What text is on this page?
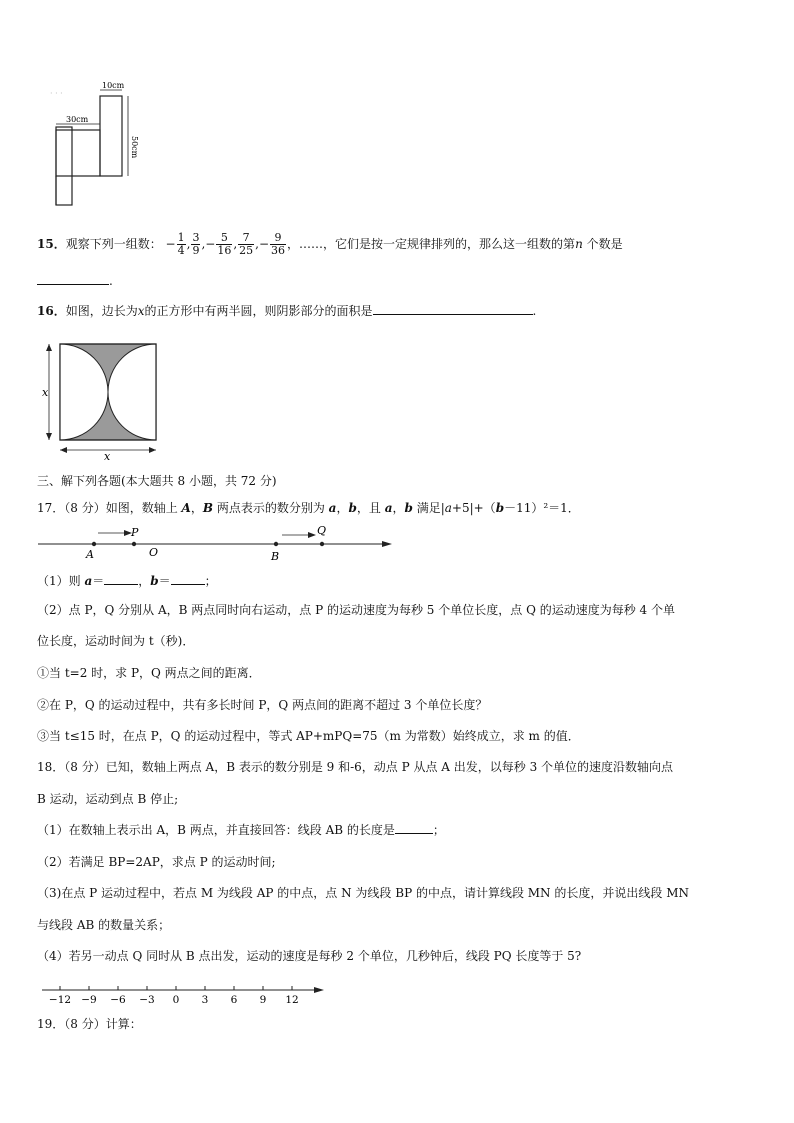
· · ·
10cm
30cm
50cm
15．观察下列一组数： − $\frac{1}{4}$ , $\frac{3}{9}$ ,− $\frac{5}{16}$ , $\frac{7}{25}$ ,− $\frac{9}{36}$ ，……，它们是按一定规律排列的，那么这一组数的第n 个数是
.
16．如图，边长为x的正方形中有两半圆，则阴影部分的面积是	.
x
x
三、解下列各题(本大题共 8 小题，共 72 分)
17．（8 分）如图，数轴上 A，B 两点表示的数分别为 a，b，且 a，b 满足|a+5|+（b－11）²＝1．
A
P
O	B
Q
（1）则 a＝	，b＝	；
（2）点 P，Q 分别从 A，B 两点同时向右运动，点 P 的运动速度为每秒 5 个单位长度，点 Q 的运动速度为每秒 4 个单
位长度，运动时间为 t（秒)．
①当 t=2 时，求 P，Q 两点之间的距离．
②在 P，Q 的运动过程中，共有多长时间 P，Q 两点间的距离不超过 3 个单位长度？
③当 t≤15 时，在点 P，Q 的运动过程中，等式 AP+mPQ=75（m 为常数）始终成立，求 m 的值．
18．（8 分）已知，数轴上两点 A，B 表示的数分别是 9 和-6，动点 P 从点 A 出发，以每秒 3 个单位的速度沿数轴向点
B 运动，运动到点 B 停止;
（1）在数轴上表示出 A，B 两点，并直接回答：线段 AB 的长度是	；
（2）若满足 BP=2AP，求点 P 的运动时间;
（3)在点 P 运动过程中，若点 M 为线段 AP 的中点，点 N 为线段 BP 的中点，请计算线段 MN 的长度，并说出线段 MN
与线段 AB 的数量关系；
（4）若另一动点 Q 同时从 B 点出发，运动的速度是每秒 2 个单位，几秒钟后，线段 PQ 长度等于 5?
−12 −9 −6 −3 0 3 6 9 12
19．（8 分）计算：
